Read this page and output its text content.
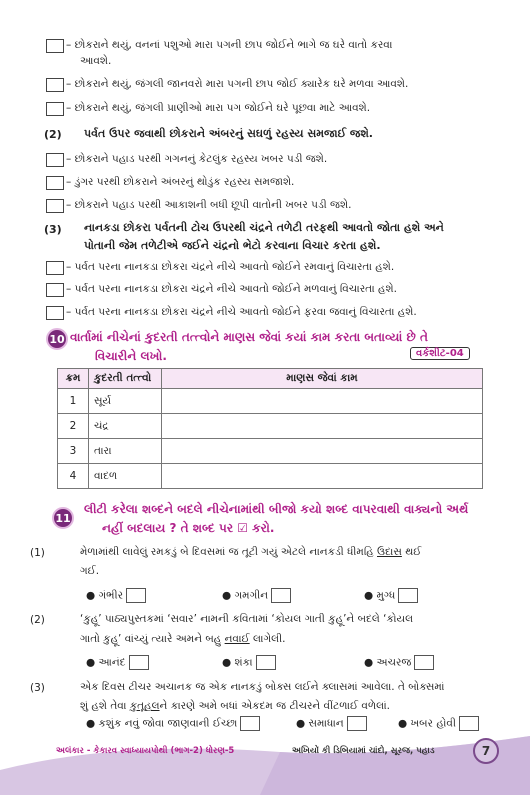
– છોકરાને થયું, વનનાં પશુઓ મારા પગની છાપ જોઈને ભાગે જ ઘરે વાતો કરવા
આવશે.
– છોકરાને થયું, જંગલી જાનવરો મારા પગની છાપ જોઈ ક્યારેક ઘરે મળવા આવશે.
– છોકરાને થયું, જંગલી પ્રાણીઓ મારા પગ જોઈને ઘરે પૂછવા માટે આવશે.
(2) પર્વત ઉપર જવાથી છોકરાને અંબરનું સઘળું રહસ્ય સમજાઈ જશે.
– છોકરાને પહાડ પરથી ગગનનું કેટલુંક રહસ્ય ખબર પડી જશે.
– ડુંગર પરથી છોકરાને અંબરનું થોડુંક રહસ્ય સમજાશે.
– છોકરાને પહાડ પરથી આકાશની બધી છૂપી વાતોની ખબર પડી જશે.
(3) નાનકડા છોકરા પર્વતની ટોચ ઉપરથી ચંદ્રને તળેટી તરફથી આવતો જોતા હશે અને
પોતાની જેમ તળેટીએ જઈને ચંદ્રનો ભેટો કરવાના વિચાર કરતા હશે.
– પર્વત પરના નાનકડા છોકરા ચંદ્રને નીચે આવતો જોઈને રમવાનું વિચારતા હશે.
– પર્વત પરના નાનકડા છોકરા ચંદ્રને નીચે આવતો જોઈને મળવાનું વિચારતા હશે.
– પર્વત પરના નાનકડા છોકરા ચંદ્રને નીચે આવતો જોઈને ફરવા જવાનું વિચારતા હશે.
10 વાર્તામાં નીચેનાં કુદરતી તત્ત્વોને માણસ જેવાં કયાં કામ કરતા બતાવ્યાં છે તે
વિચારીને લખો.	વર્કશીટ-04
ક્રમ	કુદરતી તત્ત્વો	માણસ જેવાં કામ
1	સૂર્ય	
2	ચંદ્ર	
3	તારા	
4	વાદળ	
11
લીટી કરેલા શબ્દને બદલે નીચેનામાંથી બીજો કયો શબ્દ વાપરવાથી વાક્યનો અર્થ
નહીં બદલાય ? તે શબ્દ પર ☑ કરો.
(1)	મેળામાંથી લાવેલું રમકડું બે દિવસમાં જ તૂટી ગયું એટલે નાનકડી ધીમહિ ઉદાસ થઈ
ગઈ.
● ગંભીર	● ગમગીન	● મુગ્ધ
(2)	‘કુહૂ’ પાઠ્યપુસ્તકમાં ‘સવાર’ નામની કવિતામાં ‘કોયલ ગાતી કુહૂ’ને બદલે ‘કોયલ
ગાતો કુહૂ’ વાંચ્યું ત્યારે અમને બહુ નવાઈ લાગેલી.
● આનંદ	● શંકા	● અચરજ
(3)	એક દિવસ ટીચર અચાનક જ એક નાનકડું બોક્સ લઈને ક્લાસમાં આવેલા. તે બોક્સમાં
શું હશે તેવા કુતૂહલને કારણે અમે બધાં એકદમ જ ટીચરને વીંટળાઈ વળેલાં.
● કશુંક નવું જોવા જાણવાની ઈચ્છા	● સમાધાન	● ખબર હોવી
અલંકાર - કેકારવ સ્વાધ્યાયપોથી (ભાગ-2) ધોરણ-5	અખિયોં કી ડિબિયામાં ચાંદો, સૂરજ, પહાડ	7
